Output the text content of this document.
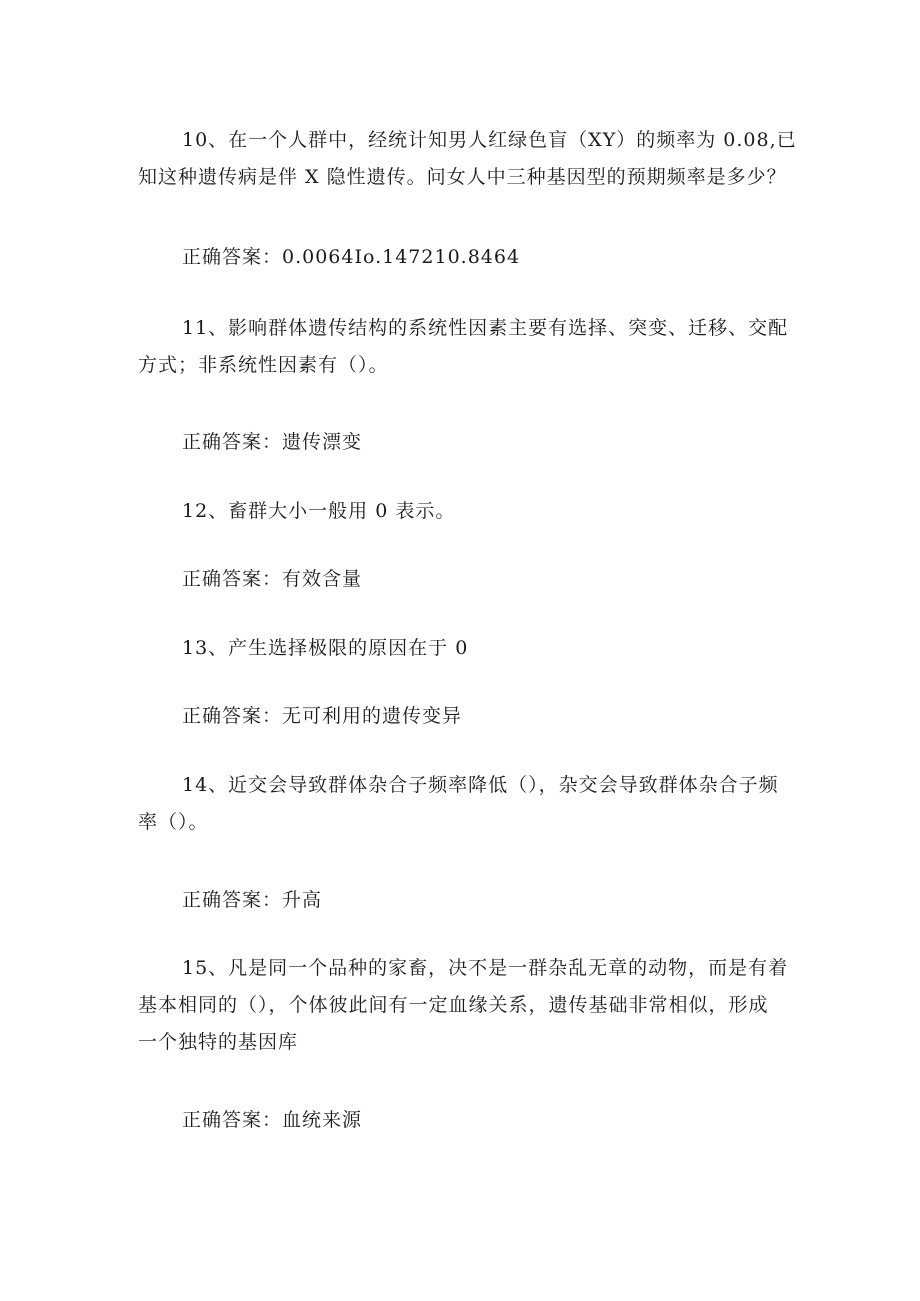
10、在一个人群中，经统计知男人红绿色盲（XY）的频率为 0.08,已
知这种遗传病是伴 X 隐性遗传。问女人中三种基因型的预期频率是多少？
正确答案：0.0064Io.147210.8464
11、影响群体遗传结构的系统性因素主要有选择、突变、迁移、交配
方式；非系统性因素有（）。
正确答案：遗传漂变
12、畜群大小一般用 0 表示。
正确答案：有效含量
13、产生选择极限的原因在于 0
正确答案：无可利用的遗传变异
14、近交会导致群体杂合子频率降低（），杂交会导致群体杂合子频
率（）。
正确答案：升高
15、凡是同一个品种的家畜，决不是一群杂乱无章的动物，而是有着
基本相同的（），个体彼此间有一定血缘关系，遗传基础非常相似，形成
一个独特的基因库
正确答案：血统来源
